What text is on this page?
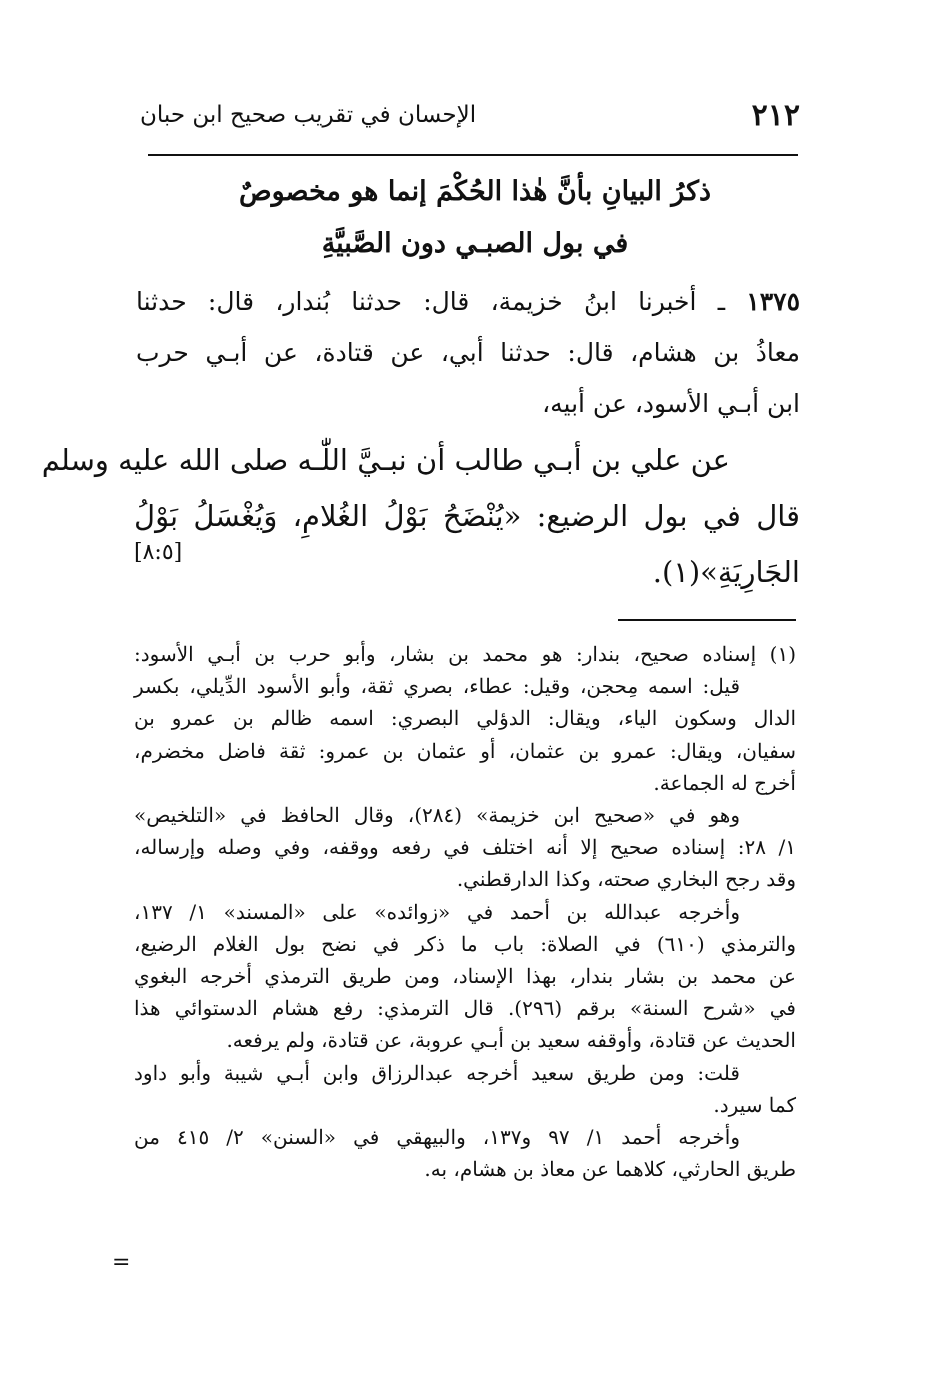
٢١٢
الإحسان في تقريب صحيح ابن حبان
ذكرُ البيانِ بأنَّ هٰذا الحُكْمَ إنما هو مخصوصٌ
في بول الصبـي دون الصَّبيَّةِ
١٣٧٥ ـ أخبرنا ابنُ خزيمة، قال: حدثنا بُندار، قال: حدثنا
معاذُ بن هشام، قال: حدثنا أبي، عن قتادة، عن أبـي حرب
ابن أبـي الأسود، عن أبيه،
عن علي بن أبـي طالب أن نبـيَّ اللّٰـه صلى الله عليه وسلم
قال في بول الرضيع: «يُنْضَحُ بَوْلُ الغُلامِ، وَيُغْسَلُ بَوْلُ
الجَارِيَةِ»(١).
[٨:٥]
(١) إسناده صحيح، بندار: هو محمد بن بشار، وأبو حرب بن أبـي الأسود:
قيل: اسمه مِحجن، وقيل: عطاء، بصري ثقة، وأبو الأسود الدِّيلي، بكسر
الدال وسكون الياء، ويقال: الدؤلي البصري: اسمه ظالم بن عمرو بن
سفيان، ويقال: عمرو بن عثمان، أو عثمان بن عمرو: ثقة فاضل مخضرم،
أخرج له الجماعة.
وهو في «صحيح ابن خزيمة» (٢٨٤)، وقال الحافظ في «التلخيص»
١/ ٢٨: إسناده صحيح إلا أنه اختلف في رفعه ووقفه، وفي وصله وإرساله،
وقد رجح البخاري صحته، وكذا الدارقطني.
وأخرجه عبدالله بن أحمد في «زوائده» على «المسند» ١/ ١٣٧،
والترمذي (٦١٠) في الصلاة: باب ما ذكر في نضح بول الغلام الرضيع،
عن محمد بن بشار بندار، بهذا الإسناد، ومن طريق الترمذي أخرجه البغوي
في «شرح السنة» برقم (٢٩٦). قال الترمذي: رفع هشام الدستوائي هذا
الحديث عن قتادة، وأوقفه سعيد بن أبـي عروبة، عن قتادة، ولم يرفعه.
قلت: ومن طريق سعيد أخرجه عبدالرزاق وابن أبـي شيبة وأبو داود
كما سيرد.
وأخرجه أحمد ١/ ٩٧ و١٣٧، والبيهقي في «السنن» ٢/ ٤١٥ من
طريق الحارثي، كلاهما عن معاذ بن هشام، به.
=
